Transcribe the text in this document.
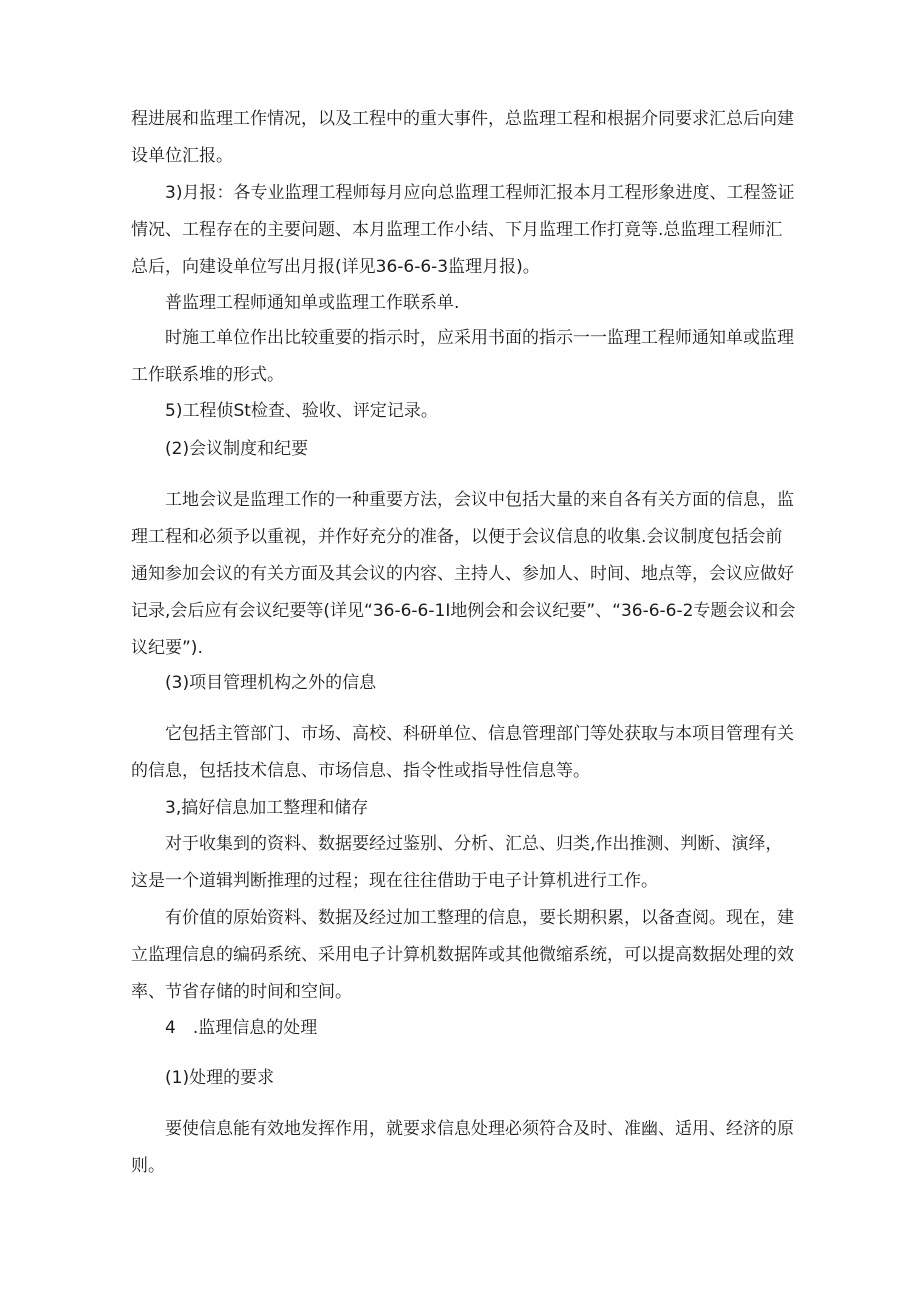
程进展和监理工作情况，以及工程中的重大事件，总监理工程和根据介同要求汇总后向建
设单位汇报。
3)月报：各专业监理工程师每月应向总监理工程师汇报本月工程形象进度、工程签证
情况、工程存在的主要问题、本月监理工作小结、下月监理工作打竟等.总监理工程师汇
总后，向建设单位写出月报(详见36-6-6-3监理月报)。
普监理工程师通知单或监理工作联系单.
时施工单位作出比较重要的指示时，应采用书面的指示一一监理工程师通知单或监理
工作联系堆的形式。
5)工程侦St检查、验收、评定记录。
(2)会议制度和纪要
工地会议是监理工作的一种重要方法，会议中包括大量的来自各有关方面的信息，监
理工程和必须予以重视，并作好充分的准备，以便于会议信息的收集.会议制度包括会前
通知参加会议的有关方面及其会议的内容、主持人、参加人、时间、地点等，会议应做好
记录,会后应有会议纪要等(详见“36-6-6-1I地例会和会议纪要”、“36-6-6-2专题会议和会
议纪要”).
(3)项目管理机构之外的信息
它包括主管部门、市场、高校、科研单位、信息管理部门等处获取与本项目管理有关
的信息，包括技术信息、市场信息、指令性或指导性信息等。
3,搞好信息加工整理和储存
对于收集到的资料、数据要经过鉴别、分析、汇总、归类,作出推测、判断、演绎，
这是一个道辑判断推理的过程；现在往往借助于电子计算机进行工作。
有价值的原始资料、数据及经过加工整理的信息，要长期积累，以备查阅。现在，建
立监理信息的编码系统、采用电子计算机数据阵或其他微缩系统，可以提高数据处理的效
率、节省存储的时间和空间。
4　.监理信息的处理
(1)处理的要求
要使信息能有效地发挥作用，就要求信息处理必须符合及时、准幽、适用、经济的原
则。
